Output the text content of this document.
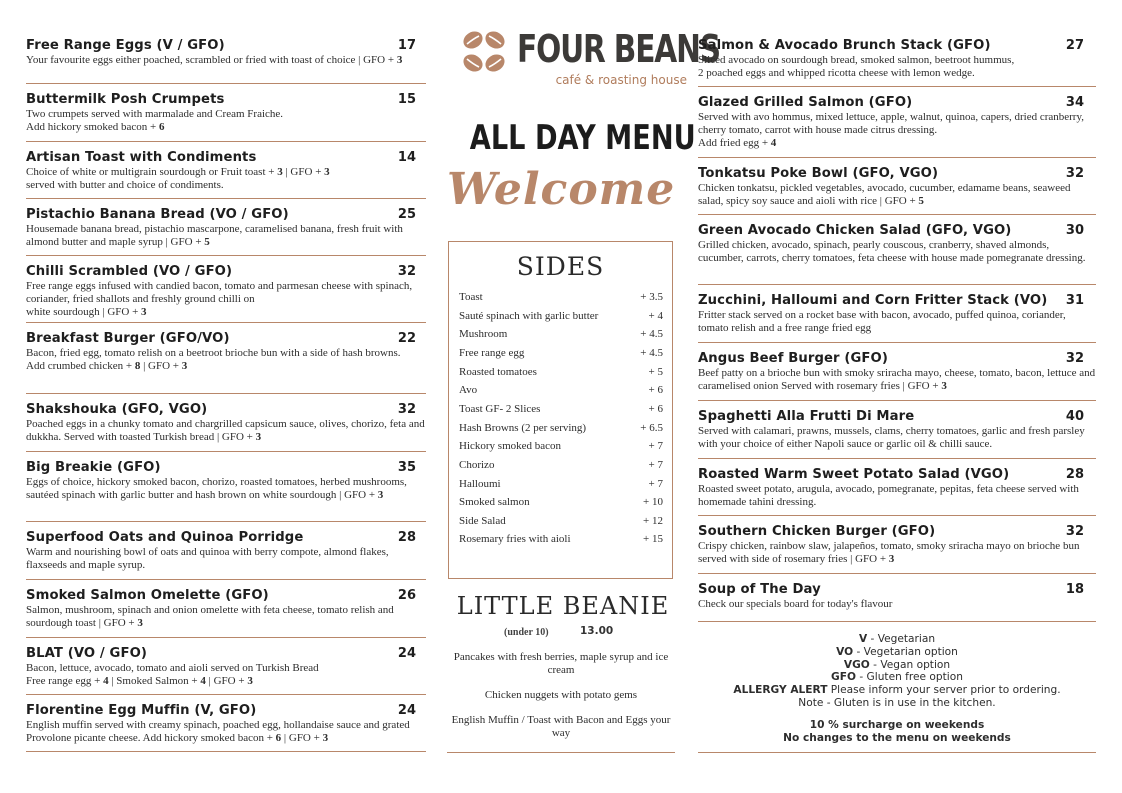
Free Range Eggs (V / GFO)	17
Your favourite eggs either poached, scrambled or fried with toast of choice | GFO + 3
Buttermilk Posh Crumpets	15
Two crumpets served with marmalade and Cream Fraiche.
Add hickory smoked bacon + 6
Artisan Toast with Condiments	14
Choice of white or multigrain sourdough or Fruit toast + 3 | GFO + 3
served with butter and choice of condiments.
Pistachio Banana Bread (VO / GFO)	25
Housemade banana bread, pistachio mascarpone, caramelised banana, fresh fruit with almond butter and maple syrup | GFO + 5
Chilli Scrambled (VO / GFO)	32
Free range eggs infused with candied bacon, tomato and parmesan cheese with spinach, coriander, fried shallots and freshly ground chilli on
white sourdough | GFO + 3
Breakfast Burger (GFO/VO)	22
Bacon, fried egg, tomato relish on a beetroot brioche bun with a side of hash browns.
Add crumbed chicken + 8 | GFO + 3
Shakshouka (GFO, VGO)	32
Poached eggs in a chunky tomato and chargrilled capsicum sauce, olives, chorizo, feta and dukkha. Served with toasted Turkish bread | GFO + 3
Big Breakie (GFO)	35
Eggs of choice, hickory smoked bacon, chorizo, roasted tomatoes, herbed mushrooms, sautéed spinach with garlic butter and hash brown on white sourdough | GFO + 3
Superfood Oats and Quinoa Porridge	28
Warm and nourishing bowl of oats and quinoa with berry compote, almond flakes, flaxseeds and maple syrup.
Smoked Salmon Omelette (GFO)	26
Salmon, mushroom, spinach and onion omelette with feta cheese, tomato relish and sourdough toast | GFO + 3
BLAT (VO / GFO)	24
Bacon, lettuce, avocado, tomato and aioli served on Turkish Bread
Free range egg + 4 | Smoked Salmon + 4 | GFO + 3
Florentine Egg Muffin (V, GFO)	24
English muffin served with creamy spinach, poached egg, hollandaise sauce and grated Provolone picante cheese. Add hickory smoked bacon + 6 | GFO + 3
FOUR BEANS
café & roasting house
ALL DAY MENU
Welcome
SIDES
Toast	+ 3.5
Sauté spinach with garlic butter	+ 4
Mushroom	+ 4.5
Free range egg	+ 4.5
Roasted tomatoes	+ 5
Avo	+ 6
Toast GF- 2 Slices	+ 6
Hash Browns (2 per serving)	+ 6.5
Hickory smoked bacon	+ 7
Chorizo	+ 7
Halloumi	+ 7
Smoked salmon	+ 10
Side Salad	+ 12
Rosemary fries with aioli	+ 15
LITTLE BEANIE
(under 10)	13.00
Pancakes with fresh berries, maple syrup and ice cream
Chicken nuggets with potato gems
English Muffin / Toast with Bacon and Eggs your way
Salmon & Avocado Brunch Stack (GFO)	27
Sliced avocado on sourdough bread, smoked salmon, beetroot hummus,
2 poached eggs and whipped ricotta cheese with lemon wedge.
Glazed Grilled Salmon (GFO)	34
Served with avo hommus, mixed lettuce, apple, walnut, quinoa, capers, dried cranberry, cherry tomato, carrot with house made citrus dressing.
Add fried egg + 4
Tonkatsu Poke Bowl (GFO, VGO)	32
Chicken tonkatsu, pickled vegetables, avocado, cucumber, edamame beans, seaweed salad, spicy soy sauce and aioli with rice | GFO + 5
Green Avocado Chicken Salad (GFO, VGO)	30
Grilled chicken, avocado, spinach, pearly couscous, cranberry, shaved almonds, cucumber, carrots, cherry tomatoes, feta cheese with house made pomegranate dressing.
Zucchini, Halloumi and Corn Fritter Stack (VO)	31
Fritter stack served on a rocket base with bacon, avocado, puffed quinoa, coriander, tomato relish and a free range fried egg
Angus Beef Burger (GFO)	32
Beef patty on a brioche bun with smoky sriracha mayo, cheese, tomato, bacon, lettuce and caramelised onion Served with rosemary fries | GFO + 3
Spaghetti Alla Frutti Di Mare	40
Served with calamari, prawns, mussels, clams, cherry tomatoes, garlic and fresh parsley with your choice of either Napoli sauce or garlic oil & chilli sauce.
Roasted Warm Sweet Potato Salad (VGO)	28
Roasted sweet potato, arugula, avocado, pomegranate, pepitas, feta cheese served with homemade tahini dressing.
Southern Chicken Burger (GFO)	32
Crispy chicken, rainbow slaw, jalapeños, tomato, smoky sriracha mayo on brioche bun served with side of rosemary fries | GFO + 3
Soup of The Day	18
Check our specials board for today's flavour
V - Vegetarian
VO - Vegetarian option
VGO - Vegan option
GFO - Gluten free option
ALLERGY ALERT Please inform your server prior to ordering.
Note - Gluten is in use in the kitchen.
10 % surcharge on weekends
No changes to the menu on weekends
